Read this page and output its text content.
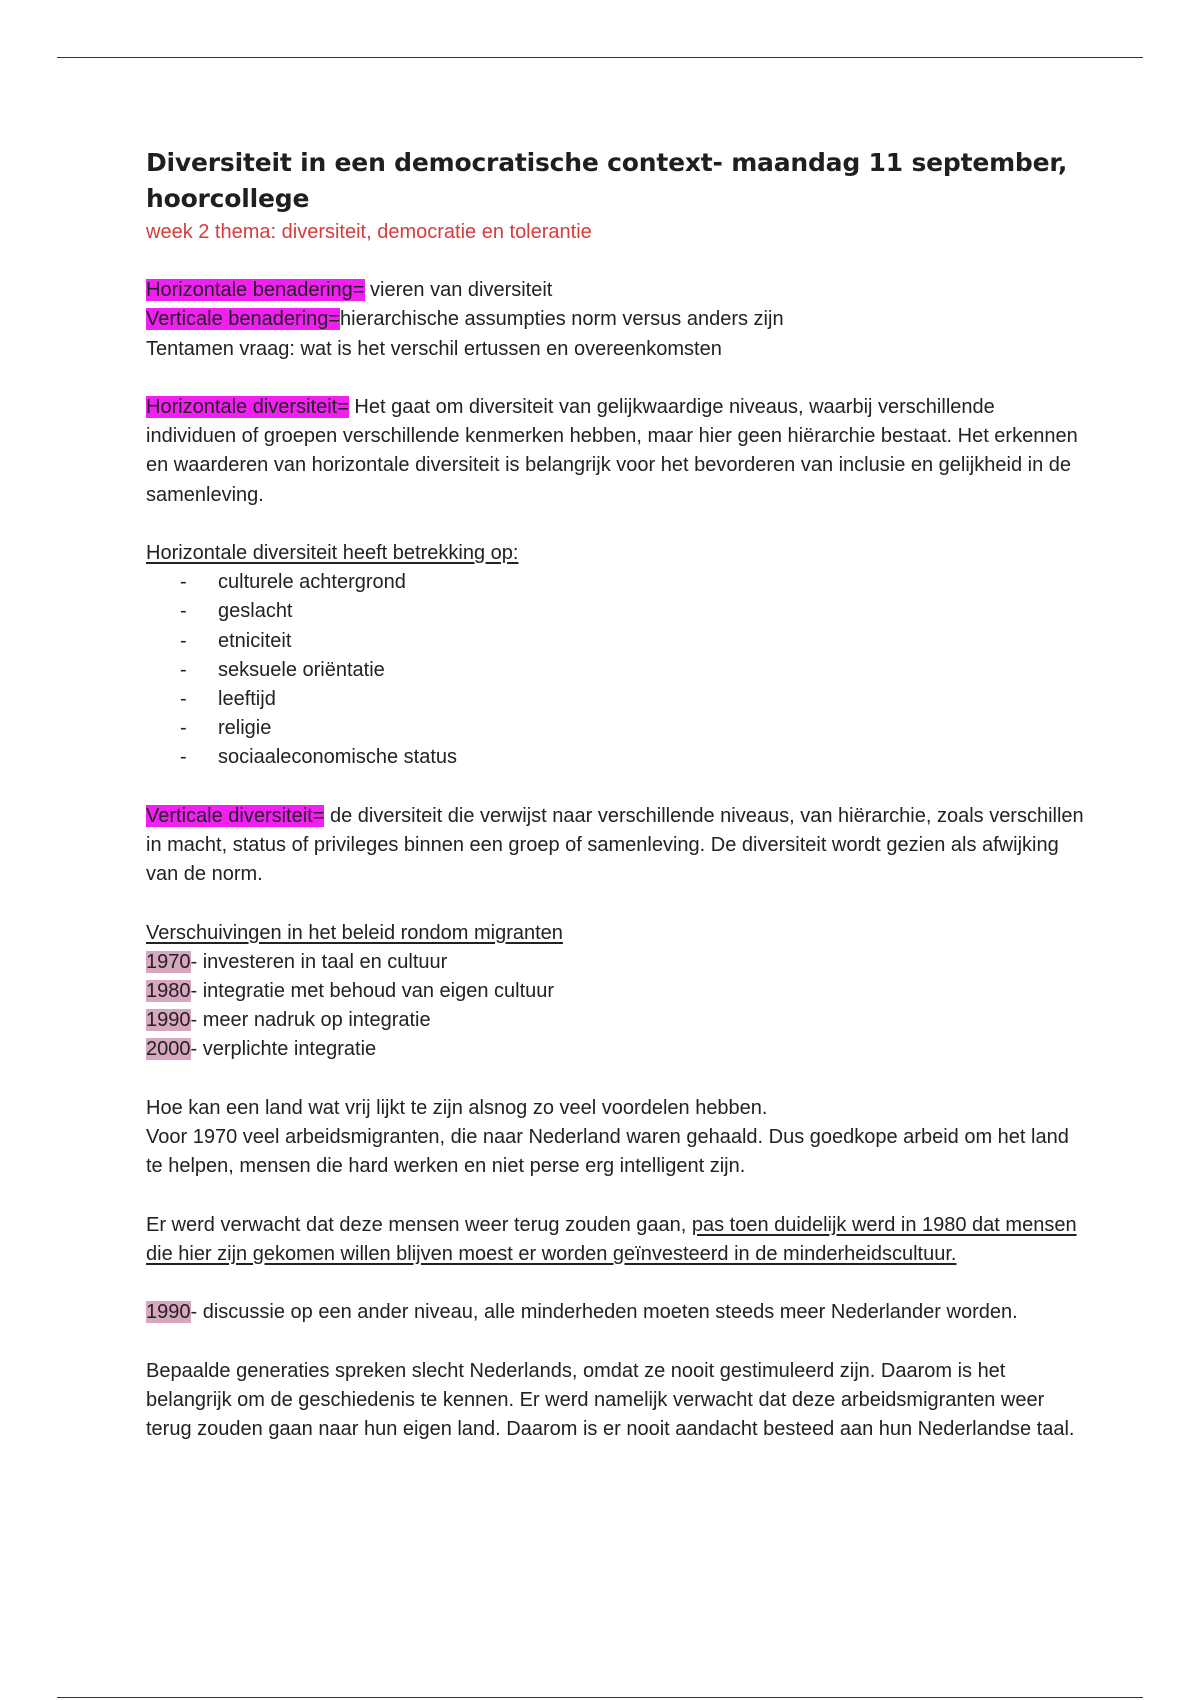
Diversiteit in een democratische context- maandag 11 september, hoorcollege

week 2 thema: diversiteit, democratie en tolerantie

Horizontale benadering= vieren van diversiteit

Verticale benadering=hierarchische assumpties norm versus anders zijn

Tentamen vraag: wat is het verschil ertussen en overeenkomsten

Horizontale diversiteit= Het gaat om diversiteit van gelijkwaardige niveaus, waarbij verschillende individuen of groepen verschillende kenmerken hebben, maar hier geen hiërarchie bestaat. Het erkennen en waarderen van horizontale diversiteit is belangrijk voor het bevorderen van inclusie en gelijkheid in de samenleving.

Horizontale diversiteit heeft betrekking op:

- culturele achtergrond
- geslacht
- etniciteit
- seksuele oriëntatie
- leeftijd
- religie
- sociaaleconomische status

Verticale diversiteit= de diversiteit die verwijst naar verschillende niveaus, van hiërarchie, zoals verschillen in macht, status of privileges binnen een groep of samenleving. De diversiteit wordt gezien als afwijking van de norm.

Verschuivingen in het beleid rondom migranten

1970- investeren in taal en cultuur

1980- integratie met behoud van eigen cultuur

1990- meer nadruk op integratie

2000- verplichte integratie

Hoe kan een land wat vrij lijkt te zijn alsnog zo veel voordelen hebben.

Voor 1970 veel arbeidsmigranten, die naar Nederland waren gehaald. Dus goedkope arbeid om het land te helpen, mensen die hard werken en niet perse erg intelligent zijn.

Er werd verwacht dat deze mensen weer terug zouden gaan, pas toen duidelijk werd in 1980 dat mensen die hier zijn gekomen willen blijven moest er worden geïnvesteerd in de minderheidscultuur.

1990- discussie op een ander niveau, alle minderheden moeten steeds meer Nederlander worden.

Bepaalde generaties spreken slecht Nederlands, omdat ze nooit gestimuleerd zijn. Daarom is het belangrijk om de geschiedenis te kennen. Er werd namelijk verwacht dat deze arbeidsmigranten weer terug zouden gaan naar hun eigen land. Daarom is er nooit aandacht besteed aan hun Nederlandse taal.
